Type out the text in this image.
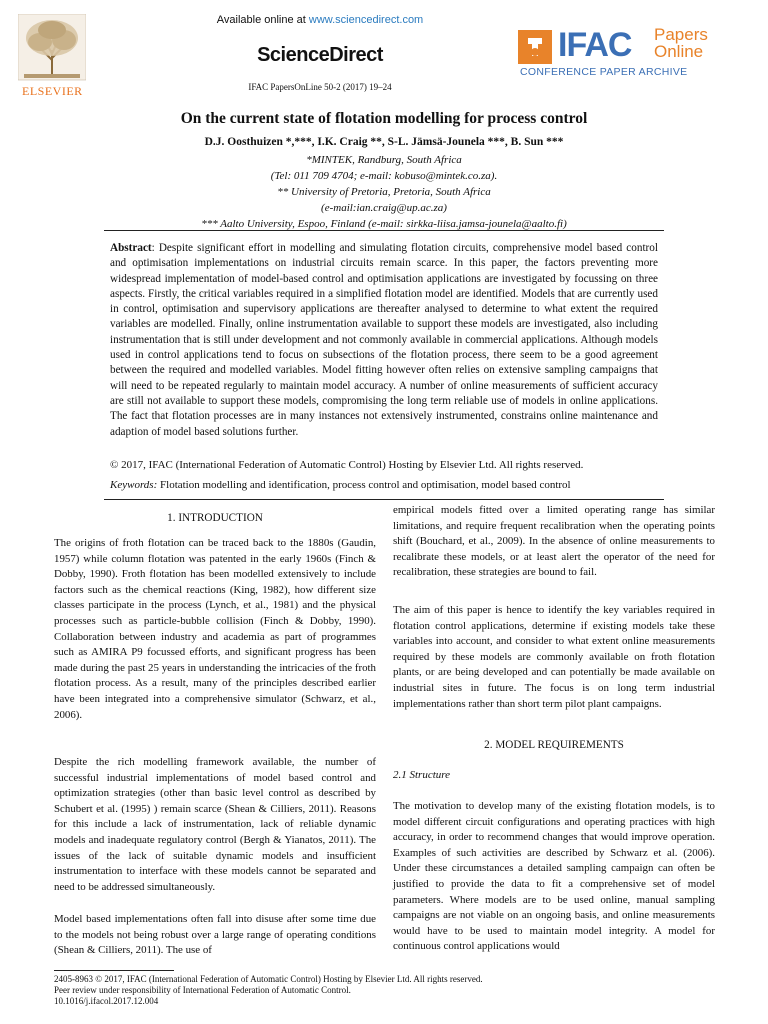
ELSEVIER
Available online at www.sciencedirect.com
ScienceDirect
IFAC PapersOnLine 50-2 (2017) 19–24
IFAC Papers
Online
CONFERENCE PAPER ARCHIVE
On the current state of flotation modelling for process control
D.J. Oosthuizen *,***, I.K. Craig **, S-L. Jämsä-Jounela ***, B. Sun ***
*MINTEK, Randburg, South Africa
(Tel: 011 709 4704; e-mail: kobuso@mintek.co.za).
** University of Pretoria, Pretoria, South Africa
(e-mail:ian.craig@up.ac.za)
*** Aalto University, Espoo, Finland (e-mail: sirkka-liisa.jamsa-jounela@aalto.fi)
Abstract: Despite significant effort in modelling and simulating flotation circuits, comprehensive model based control and optimisation implementations on industrial circuits remain scarce. In this paper, the factors preventing more widespread implementation of model-based control and optimisation applications are investigated by focussing on three aspects. Firstly, the critical variables required in a simplified flotation model are identified. Models that are currently used in control, optimisation and supervisory applications are thereafter analysed to determine to what extent the required variables are modelled. Finally, online instrumentation available to support these models are investigated, also including instrumentation that is still under development and not commonly available in commercial applications. Although models used in control applications tend to focus on subsections of the flotation process, there seem to be a good agreement between the required and modelled variables. Model fitting however often relies on extensive sampling campaigns that will need to be repeated regularly to maintain model accuracy. A number of online measurements of sufficient accuracy are still not available to support these models, compromising the long term reliable use of models in online applications. The fact that flotation processes are in many instances not extensively instrumented, constrains online maintenance and adaption of model based solutions further.
© 2017, IFAC (International Federation of Automatic Control) Hosting by Elsevier Ltd. All rights reserved.
Keywords: Flotation modelling and identification, process control and optimisation, model based control
1. INTRODUCTION
The origins of froth flotation can be traced back to the 1880s (Gaudin, 1957) while column flotation was patented in the early 1960s (Finch & Dobby, 1990). Froth flotation has been modelled extensively to include factors such as the chemical reactions (King, 1982), how different size classes participate in the process (Lynch, et al., 1981) and the physical processes such as particle-bubble collision (Finch & Dobby, 1990). Collaboration between industry and academia as part of programmes such as AMIRA P9 focussed efforts, and significant progress has been made during the past 25 years in understanding the intricacies of the froth flotation process. As a result, many of the principles described earlier have been integrated into a comprehensive simulator (Schwarz, et al., 2006).
Despite the rich modelling framework available, the number of successful industrial implementations of model based control and optimization strategies (other than basic level control as described by Schubert et al. (1995) ) remain scarce (Shean & Cilliers, 2011). Reasons for this include a lack of instrumentation, lack of reliable dynamic models and inadequate regulatory control (Bergh & Yianatos, 2011). The issues of the lack of suitable dynamic models and insufficient instrumentation to interface with these models cannot be separated and need to be addressed simultaneously.
Model based implementations often fall into disuse after some time due to the models not being robust over a large range of operating conditions (Shean & Cilliers, 2011). The use of
empirical models fitted over a limited operating range has similar limitations, and require frequent recalibration when the operating points shift (Bouchard, et al., 2009). In the absence of online measurements to recalibrate these models, or at least alert the operator of the need for recalibration, these strategies are bound to fail.
The aim of this paper is hence to identify the key variables required in flotation control applications, determine if existing models take these variables into account, and consider to what extent online measurements required by these models are commonly available on froth flotation plants, or are being developed and can potentially be made available on industrial sites in future. The focus is on long term industrial implementations rather than short term pilot plant campaigns.
2. MODEL REQUIREMENTS
2.1 Structure
The motivation to develop many of the existing flotation models, is to model different circuit configurations and operating practices with high accuracy, in order to recommend changes that would improve operation. Examples of such activities are described by Schwarz et al. (2006). Under these circumstances a detailed sampling campaign can often be justified to provide the data to fit a comprehensive set of model parameters. Where models are to be used online, manual sampling campaigns are not viable on an ongoing basis, and online measurements would have to be used to maintain model integrity. A model for continuous control applications would
2405-8963 © 2017, IFAC (International Federation of Automatic Control) Hosting by Elsevier Ltd. All rights reserved.
Peer review under responsibility of International Federation of Automatic Control.
10.1016/j.ifacol.2017.12.004
